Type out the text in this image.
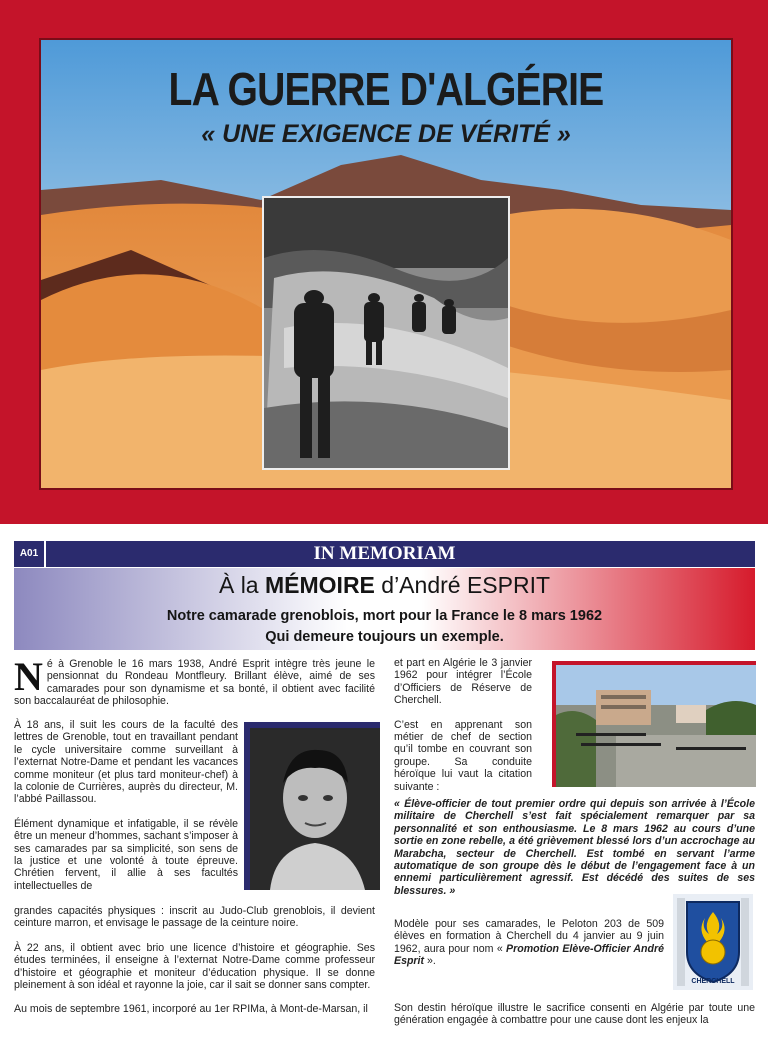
LA GUERRE D'ALGÉRIE
« UNE EXIGENCE DE VÉRITÉ »
IN MEMORIAM
A01
À la MÉMOIRE d’André ESPRIT
Notre camarade grenoblois, mort pour la France le 8 mars 1962
Qui demeure toujours un exemple.

Né à Grenoble le 16 mars 1938, André Esprit intègre très jeune le pensionnat du Rondeau Montfleury. Brillant élève, aimé de ses camarades pour son dynamisme et sa bonté, il obtient avec facilité son baccalauréat de philosophie.

À 18 ans, il suit les cours de la faculté des lettres de Grenoble, tout en travaillant pendant le cycle universitaire comme surveillant à l’externat Notre-Dame et pendant les vacances comme moniteur (et plus tard moniteur-chef) à la colonie de Currières, auprès du directeur, M. l’abbé Paillassou.

Élément dynamique et infatigable, il se révèle être un meneur d’hommes, sachant s’imposer à ses camarades par sa simplicité, son sens de la justice et une volonté à toute épreuve. Chrétien fervent, il allie à ses facultés intellectuelles de

grandes capacités physiques : inscrit au Judo-Club grenoblois, il devient ceinture marron, et envisage le passage de la ceinture noire.

À 22 ans, il obtient avec brio une licence d’histoire et géographie. Ses études terminées, il enseigne à l’externat Notre-Dame comme professeur d’histoire et géographie et moniteur d’éducation physique. Il se donne pleinement à son idéal et rayonne la joie, car il sait se donner sans compter.

Au mois de septembre 1961, incorporé au 1er RPIMa, à Mont-de-Marsan, il

et part en Algérie le 3 janvier 1962 pour intégrer l’École d’Officiers de Réserve de Cherchell.

C’est en apprenant son métier de chef de section qu’il tombe en couvrant son groupe. Sa conduite héroïque lui vaut la citation suivante :

« Élève-officier de tout premier ordre qui depuis son arrivée à l’École militaire de Cherchell s’est fait spécialement remarquer par sa personnalité et son enthousiasme. Le 8 mars 1962 au cours d’une sortie en zone rebelle, a été grièvement blessé lors d’un accrochage au Marabcha, secteur de Cherchell. Est tombé en servant l’arme automatique de son groupe dès le début de l’engagement face à un ennemi particulièrement agressif. Est décédé des suites de ses blessures. »

Modèle pour ses camarades, le Peloton 203 de 509 élèves en formation à Cherchell du 4 janvier au 9 juin 1962, aura pour nom « Promotion Elève-Officier André Esprit ».

Son destin héroïque illustre le sacrifice consenti en Algérie par toute une génération engagée à combattre pour une cause dont les enjeux la

CHERCHELL
